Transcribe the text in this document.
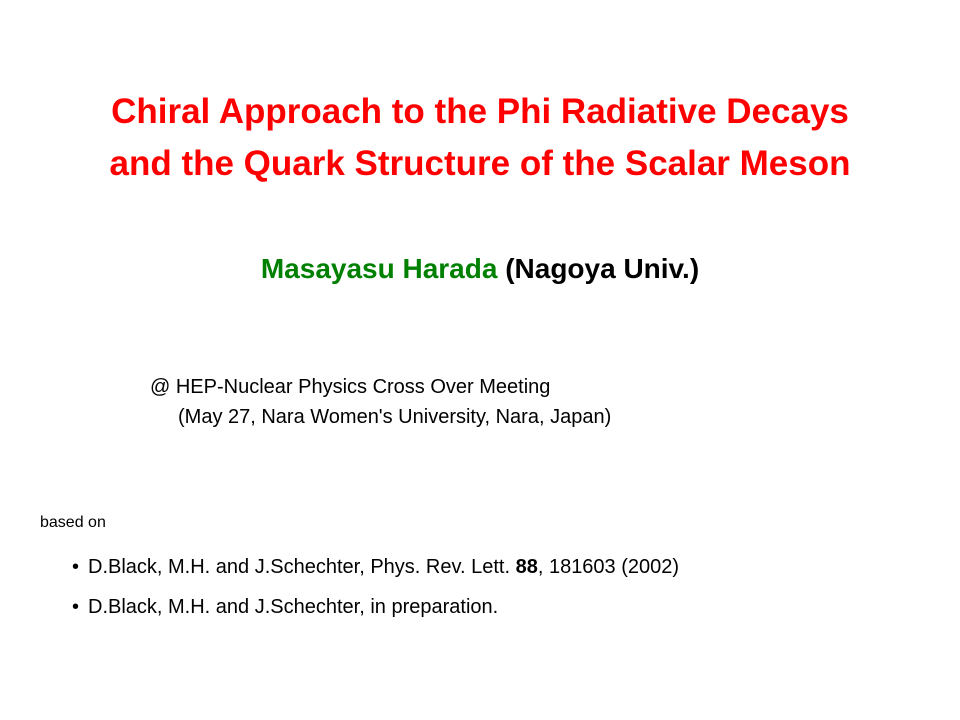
Chiral Approach to the Phi Radiative Decays
and the Quark Structure of the Scalar Meson
Masayasu Harada (Nagoya Univ.)
@ HEP-Nuclear Physics Cross Over Meeting
(May 27, Nara Women's University, Nara, Japan)
based on
• D.Black, M.H. and J.Schechter, Phys. Rev. Lett. 88, 181603 (2002)
• D.Black, M.H. and J.Schechter, in preparation.
